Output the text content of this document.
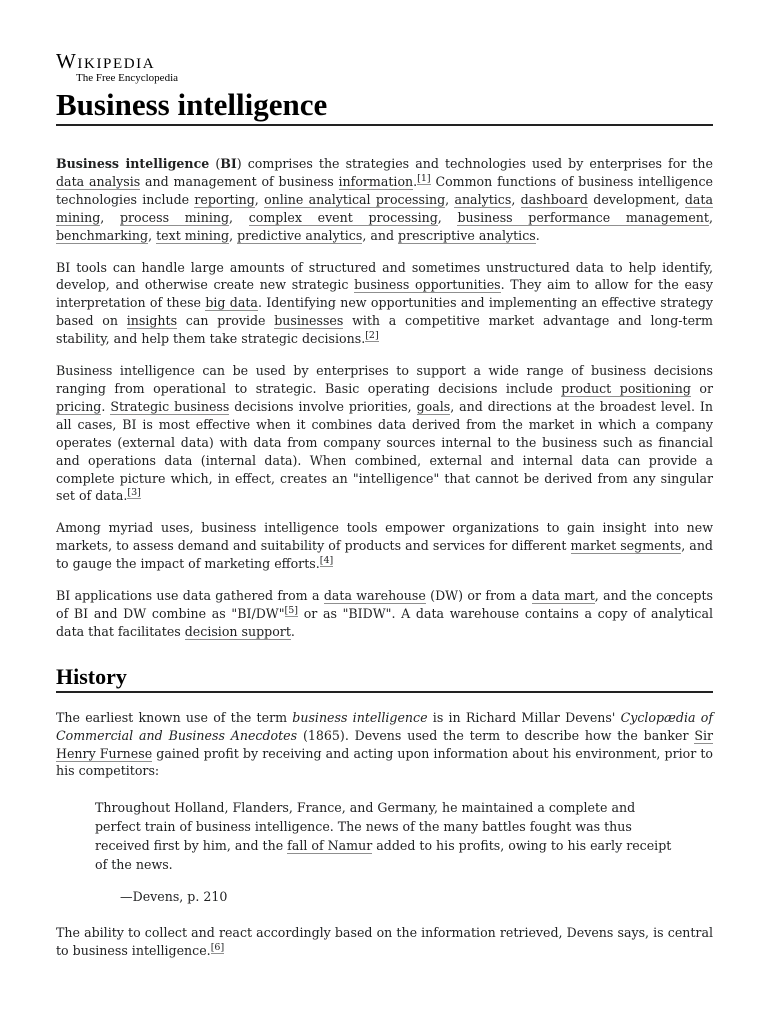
Wikipedia
The Free Encyclopedia
Business intelligence

Business intelligence (BI) comprises the strategies and technologies used by enterprises for the data analysis and management of business information.[1] Common functions of business intelligence technologies include reporting, online analytical processing, analytics, dashboard development, data mining, process mining, complex event processing, business performance management, benchmarking, text mining, predictive analytics, and prescriptive analytics.

BI tools can handle large amounts of structured and sometimes unstructured data to help identify, develop, and otherwise create new strategic business opportunities. They aim to allow for the easy interpretation of these big data. Identifying new opportunities and implementing an effective strategy based on insights can provide businesses with a competitive market advantage and long-term stability, and help them take strategic decisions.[2]

Business intelligence can be used by enterprises to support a wide range of business decisions ranging from operational to strategic. Basic operating decisions include product positioning or pricing. Strategic business decisions involve priorities, goals, and directions at the broadest level. In all cases, BI is most effective when it combines data derived from the market in which a company operates (external data) with data from company sources internal to the business such as financial and operations data (internal data). When combined, external and internal data can provide a complete picture which, in effect, creates an "intelligence" that cannot be derived from any singular set of data.[3]

Among myriad uses, business intelligence tools empower organizations to gain insight into new markets, to assess demand and suitability of products and services for different market segments, and to gauge the impact of marketing efforts.[4]

BI applications use data gathered from a data warehouse (DW) or from a data mart, and the concepts of BI and DW combine as "BI/DW"[5] or as "BIDW". A data warehouse contains a copy of analytical data that facilitates decision support.

History

The earliest known use of the term business intelligence is in Richard Millar Devens' Cyclopædia of Commercial and Business Anecdotes (1865). Devens used the term to describe how the banker Sir Henry Furnese gained profit by receiving and acting upon information about his environment, prior to his competitors:

Throughout Holland, Flanders, France, and Germany, he maintained a complete and perfect train of business intelligence. The news of the many battles fought was thus received first by him, and the fall of Namur added to his profits, owing to his early receipt of the news.
—Devens, p. 210

The ability to collect and react accordingly based on the information retrieved, Devens says, is central to business intelligence.[6]
